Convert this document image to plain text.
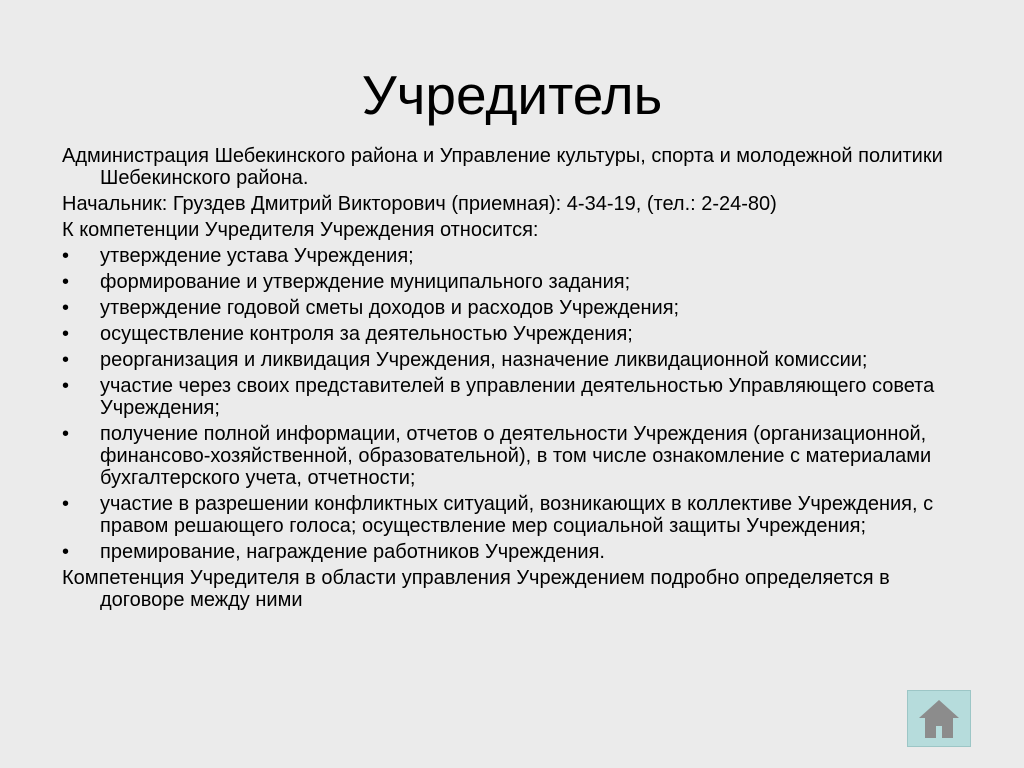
Учредитель

Администрация Шебекинского района и Управление культуры, спорта и молодежной политики Шебекинского района.

Начальник: Груздев Дмитрий Викторович (приемная): 4-34-19, (тел.: 2-24-80)

К компетенции Учредителя Учреждения относится:

• утверждение устава Учреждения;
• формирование и утверждение муниципального задания;
• утверждение годовой сметы доходов и расходов Учреждения;
• осуществление контроля за деятельностью Учреждения;
• реорганизация и ликвидация Учреждения, назначение ликвидационной комиссии;
• участие через своих представителей в управлении деятельностью Управляющего совета Учреждения;
• получение полной информации, отчетов о деятельности Учреждения (организационной, финансово-хозяйственной, образовательной), в том числе ознакомление с материалами бухгалтерского учета, отчетности;
• участие в разрешении конфликтных ситуаций, возникающих в коллективе Учреждения, с правом решающего голоса; осуществление мер социальной защиты Учреждения;
• премирование, награждение работников Учреждения.

Компетенция Учредителя в области управления Учреждением подробно определяется в договоре между ними
